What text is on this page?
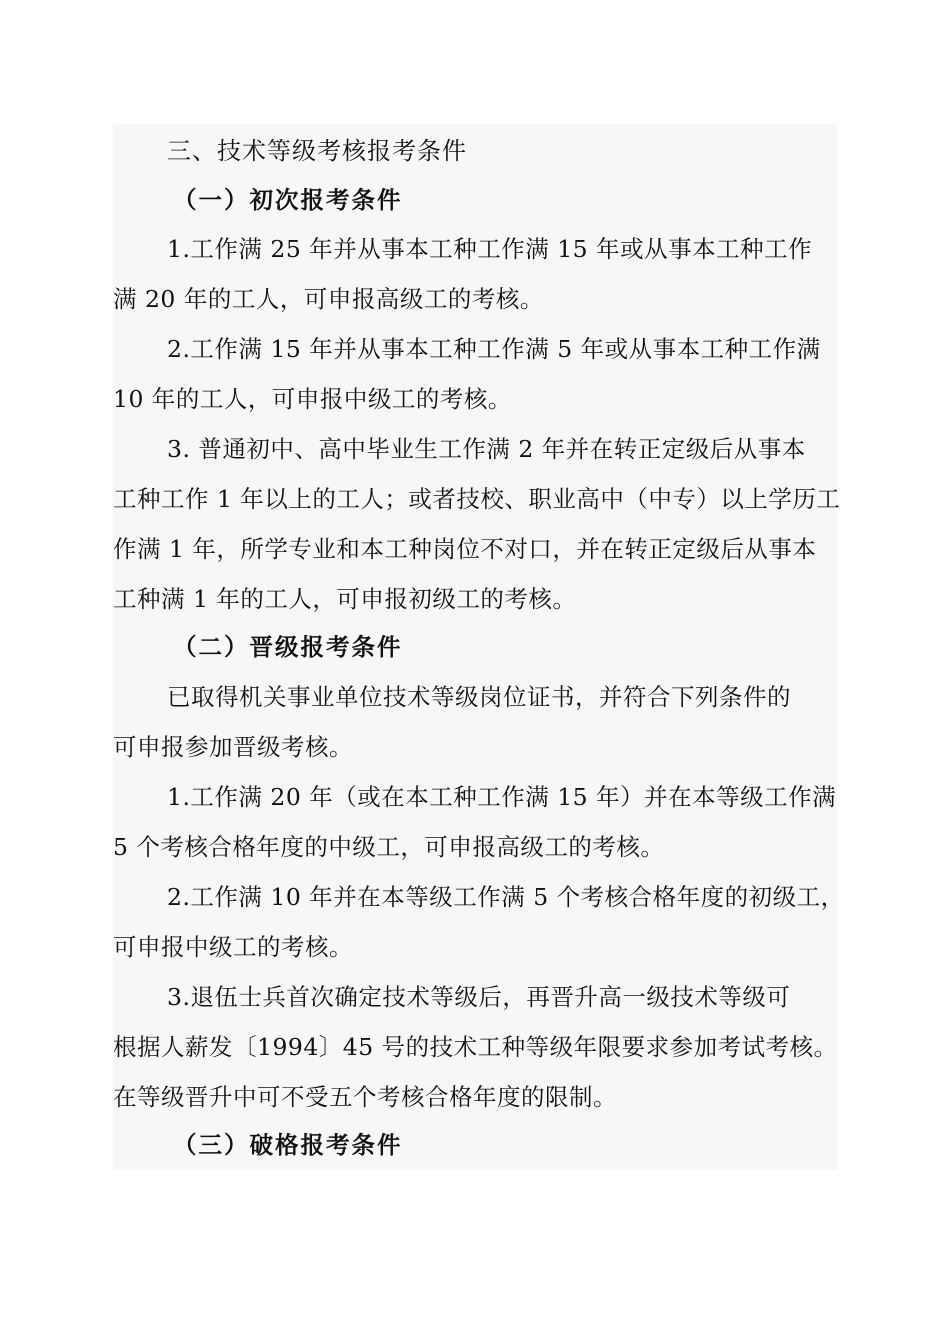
三、技术等级考核报考条件
（一）初次报考条件
1.工作满 25 年并从事本工种工作满 15 年或从事本工种工作
满 20 年的工人，可申报高级工的考核。
2.工作满 15 年并从事本工种工作满 5 年或从事本工种工作满
10 年的工人，可申报中级工的考核。
3. 普通初中、高中毕业生工作满 2 年并在转正定级后从事本
工种工作 1 年以上的工人；或者技校、职业高中（中专）以上学历工
作满 1 年，所学专业和本工种岗位不对口，并在转正定级后从事本
工种满 1 年的工人，可申报初级工的考核。
（二）晋级报考条件
已取得机关事业单位技术等级岗位证书，并符合下列条件的
可申报参加晋级考核。
1.工作满 20 年（或在本工种工作满 15 年）并在本等级工作满
5 个考核合格年度的中级工，可申报高级工的考核。
2.工作满 10 年并在本等级工作满 5 个考核合格年度的初级工，
可申报中级工的考核。
3.退伍士兵首次确定技术等级后，再晋升高一级技术等级可
根据人薪发〔1994〕45 号的技术工种等级年限要求参加考试考核。
在等级晋升中可不受五个考核合格年度的限制。
（三）破格报考条件
